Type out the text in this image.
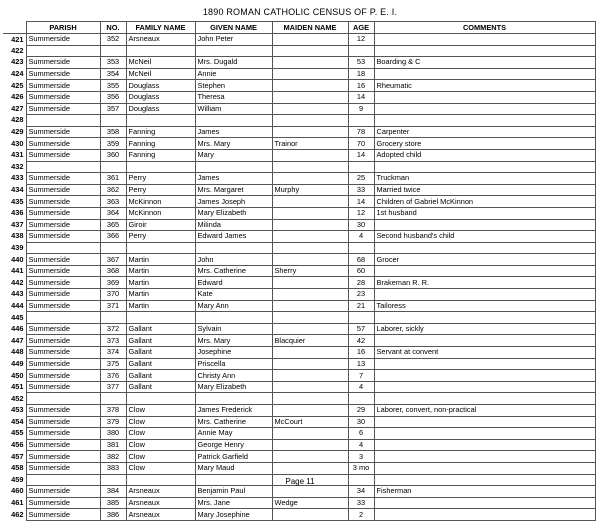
1890 ROMAN CATHOLIC CENSUS OF P. E. I.
	PARISH	NO.	FAMILY NAME	GIVEN NAME	MAIDEN NAME	AGE	COMMENTS
421	Summerside	352	Arsneaux	John Peter		12	
422							
423	Summerside	353	McNeil	Mrs. Dugald		53	Boarding & C
424	Summerside	354	McNeil	Annie		18	
425	Summerside	355	Douglass	Stephen		16	Rheumatic
426	Summerside	356	Douglass	Theresa		14	
427	Summerside	357	Douglass	William		9	
428							
429	Summerside	358	Fanning	James		78	Carpenter
430	Summerside	359	Fanning	Mrs. Mary	Trainor	70	Grocery store
431	Summerside	360	Fanning	Mary		14	Adopted child
432							
433	Summerside	361	Perry	James		25	Truckman
434	Summerside	362	Perry	Mrs. Margaret	Murphy	33	Married twice
435	Summerside	363	McKinnon	James Joseph		14	Children of Gabriel McKinnon
436	Summerside	364	McKinnon	Mary Elizabeth		12	1st husband
437	Summerside	365	Giroir	Milinda		30	
438	Summerside	366	Perry	Edward James		4	Second husband's child
439							
440	Summerside	367	Martin	John		68	Grocer
441	Summerside	368	Martin	Mrs. Catherine	Sherry	60	
442	Summerside	369	Martin	Edward		28	Brakeman R. R.
443	Summerside	370	Martin	Kate		23	
444	Summerside	371	Martin	Mary Ann		21	Tailoress
445							
446	Summerside	372	Gallant	Sylvain		57	Laborer, sickly
447	Summerside	373	Gallant	Mrs. Mary	Blacquier	42	
448	Summerside	374	Gallant	Josephine		16	Servant at convent
449	Summerside	375	Gallant	Priscella		13	
450	Summerside	376	Gallant	Christy Ann		7	
451	Summerside	377	Gallant	Mary Elizabeth		4	
452							
453	Summerside	378	Clow	James Frederick		29	Laborer, convert, non-practical
454	Summerside	379	Clow	Mrs. Catherine	McCourt	30	
455	Summerside	380	Clow	Annie May		6	
456	Summerside	381	Clow	George Henry		4	
457	Summerside	382	Clow	Patrick Garfield		3	
458	Summerside	383	Clow	Mary Maud		3 mo	
459							
460	Summerside	384	Arsneaux	Benjamin Paul		34	Fisherman
461	Summerside	385	Arsneaux	Mrs. Jane	Wedge	33	
462	Summerside	386	Arsneaux	Mary Josephine		2	
Page 11
